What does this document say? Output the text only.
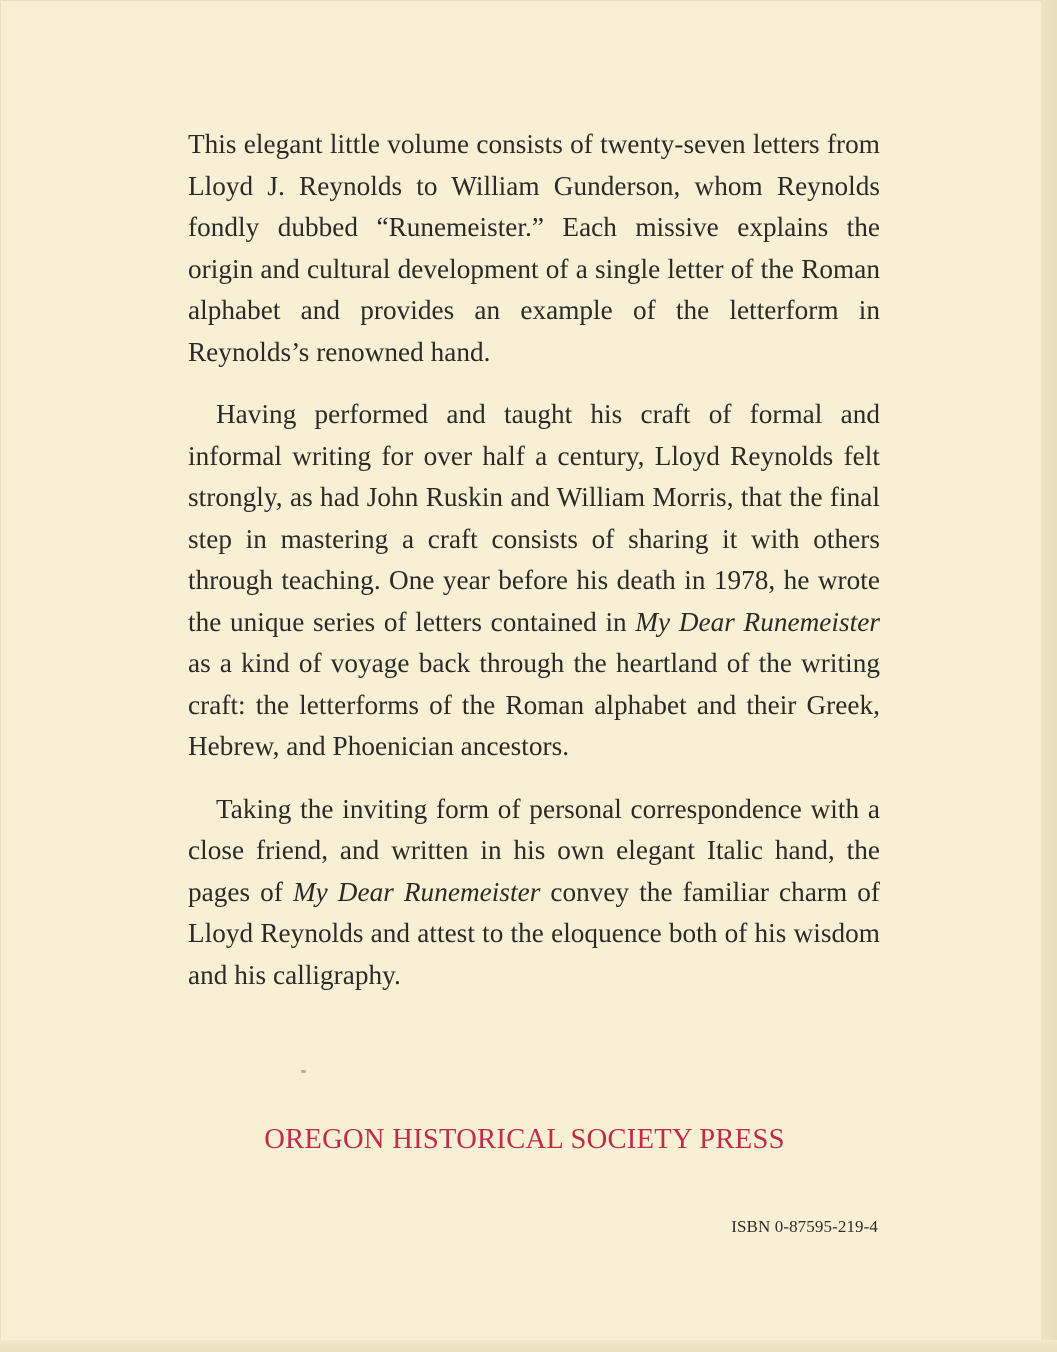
This elegant little volume consists of twenty-seven letters from Lloyd J. Reynolds to William Gunderson, whom Reynolds fondly dubbed “Runemeister.” Each missive explains the origin and cultural development of a single letter of the Roman alphabet and provides an example of the letterform in Reynolds’s renowned hand.

Having performed and taught his craft of formal and informal writing for over half a century, Lloyd Reynolds felt strongly, as had John Ruskin and William Morris, that the final step in mastering a craft consists of sharing it with others through teaching. One year before his death in 1978, he wrote the unique series of letters contained in My Dear Runemeister as a kind of voyage back through the heartland of the writing craft: the letterforms of the Roman alphabet and their Greek, Hebrew, and Phoenician ancestors.

Taking the inviting form of personal correspondence with a close friend, and written in his own elegant Italic hand, the pages of My Dear Runemeister convey the familiar charm of Lloyd Reynolds and attest to the eloquence both of his wisdom and his calligraphy.

OREGON HISTORICAL SOCIETY PRESS
ISBN 0-87595-219-4
